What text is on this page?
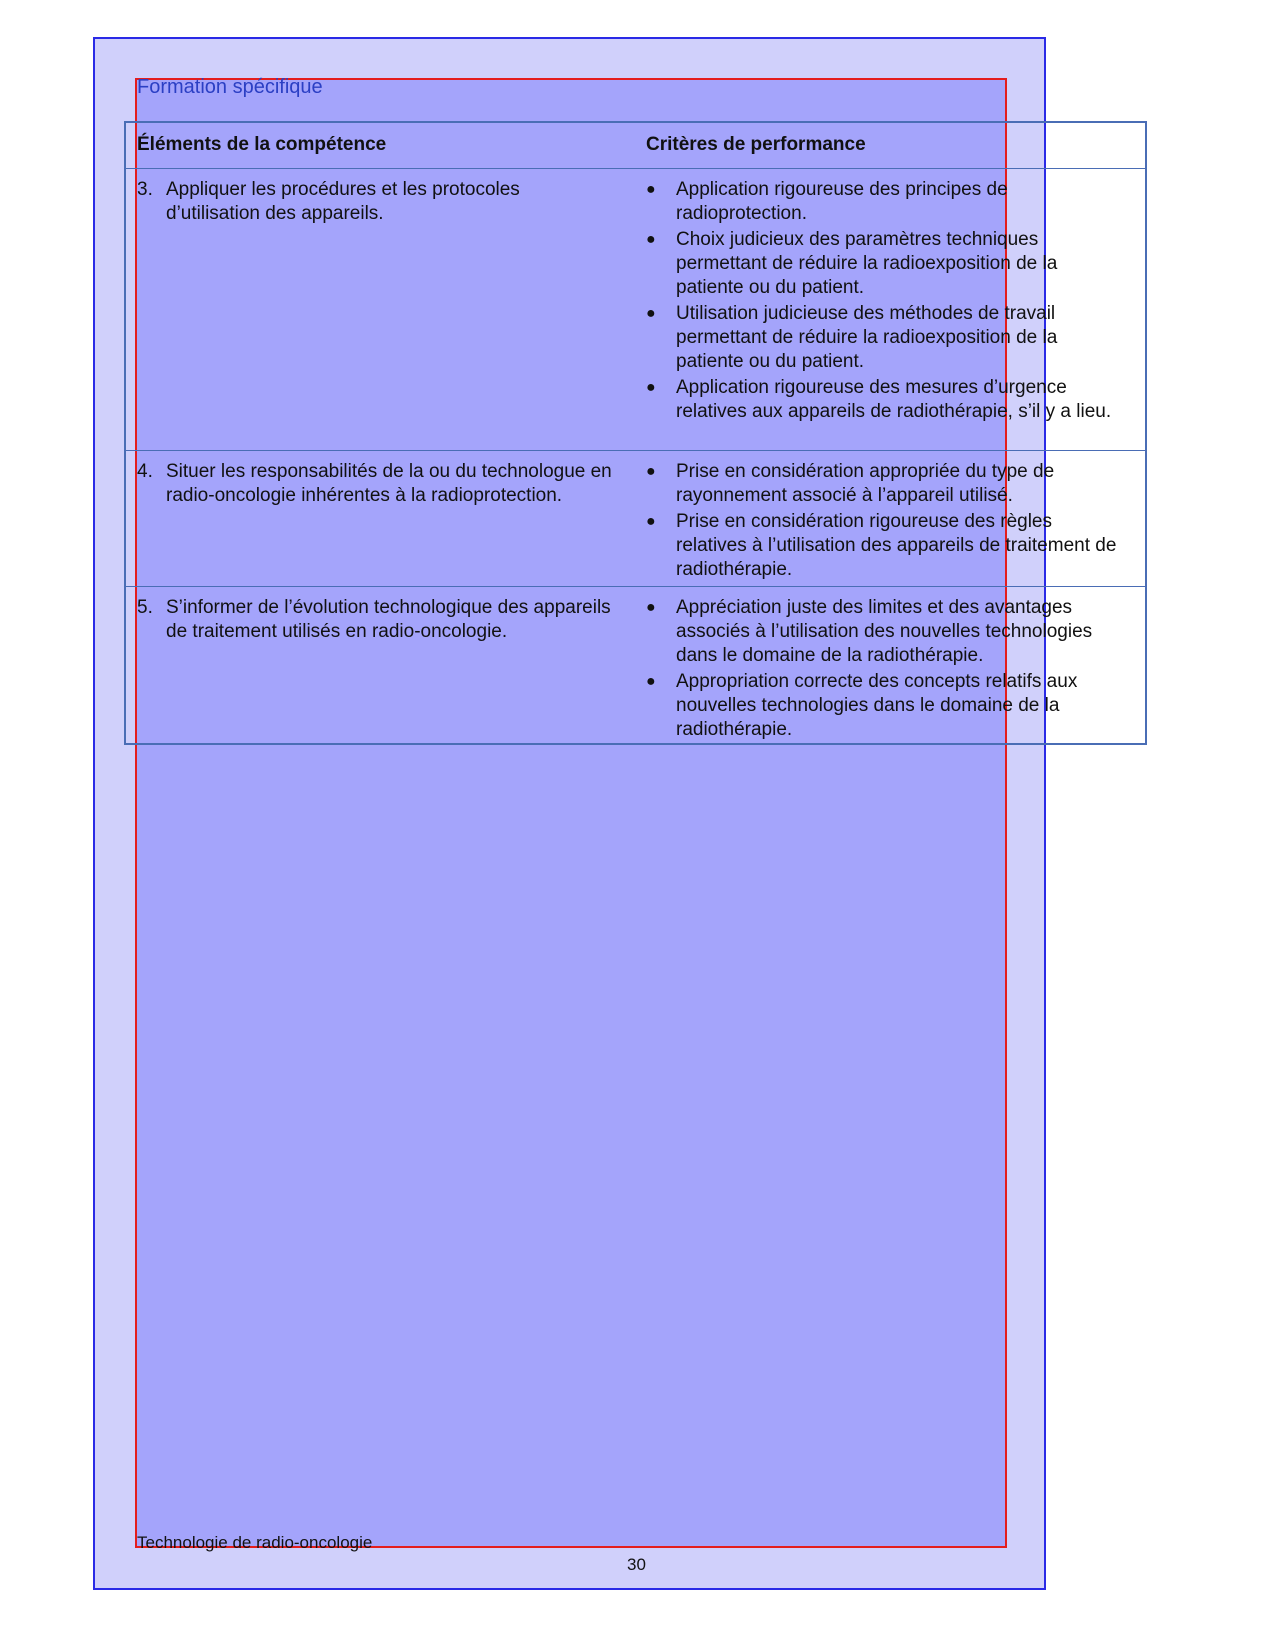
Formation spécifique
Éléments de la compétence	Critères de performance
3. Appliquer les procédures et les protocoles d’utilisation des appareils.
●	Application rigoureuse des principes de radioprotection.
●	Choix judicieux des paramètres techniques permettant de réduire la radioexposition de la patiente ou du patient.
●	Utilisation judicieuse des méthodes de travail permettant de réduire la radioexposition de la patiente ou du patient.
●	Application rigoureuse des mesures d’urgence relatives aux appareils de radiothérapie, s’il y a lieu.
4. Situer les responsabilités de la ou du technologue en radio-oncologie inhérentes à la radioprotection.
●	Prise en considération appropriée du type de rayonnement associé à l’appareil utilisé.
●	Prise en considération rigoureuse des règles relatives à l’utilisation des appareils de traitement de radiothérapie.
5. S’informer de l’évolution technologique des appareils de traitement utilisés en radio-oncologie.
●	Appréciation juste des limites et des avantages associés à l’utilisation des nouvelles technologies dans le domaine de la radiothérapie.
●	Appropriation correcte des concepts relatifs aux nouvelles technologies dans le domaine de la radiothérapie.
Technologie de radio-oncologie
30
